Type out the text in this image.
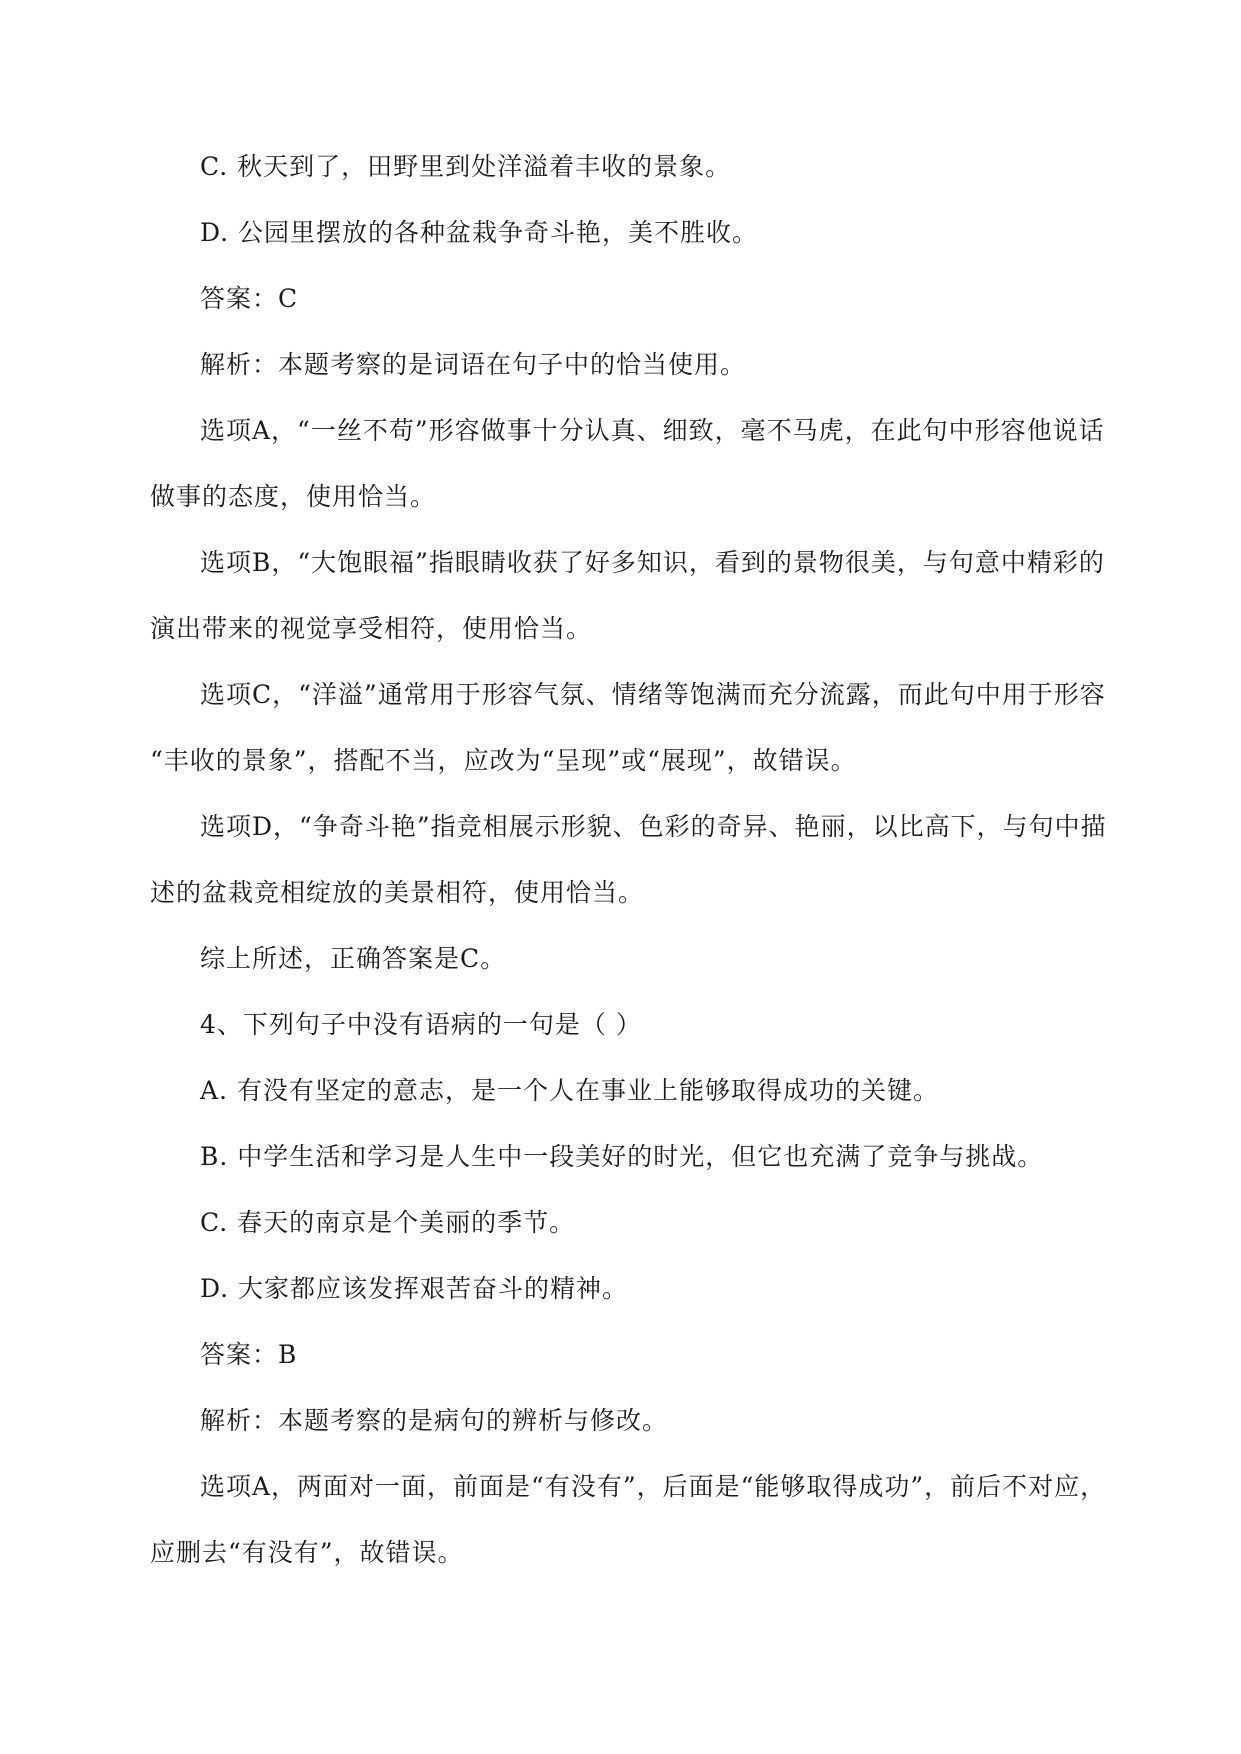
C. 秋天到了，田野里到处洋溢着丰收的景象。
D. 公园里摆放的各种盆栽争奇斗艳，美不胜收。
答案：C
解析：本题考察的是词语在句子中的恰当使用。
选项A，“一丝不苟”形容做事十分认真、细致，毫不马虎，在此句中形容他说话
做事的态度，使用恰当。
选项B，“大饱眼福”指眼睛收获了好多知识，看到的景物很美，与句意中精彩的
演出带来的视觉享受相符，使用恰当。
选项C，“洋溢”通常用于形容气氛、情绪等饱满而充分流露，而此句中用于形容
“丰收的景象”，搭配不当，应改为“呈现”或“展现”，故错误。
选项D，“争奇斗艳”指竞相展示形貌、色彩的奇异、艳丽，以比高下，与句中描
述的盆栽竞相绽放的美景相符，使用恰当。
综上所述，正确答案是C。
4、下列句子中没有语病的一句是（ ）
A. 有没有坚定的意志，是一个人在事业上能够取得成功的关键。
B. 中学生活和学习是人生中一段美好的时光，但它也充满了竞争与挑战。
C. 春天的南京是个美丽的季节。
D. 大家都应该发挥艰苦奋斗的精神。
答案：B
解析：本题考察的是病句的辨析与修改。
选项A，两面对一面，前面是“有没有”，后面是“能够取得成功”，前后不对应，
应删去“有没有”，故错误。
